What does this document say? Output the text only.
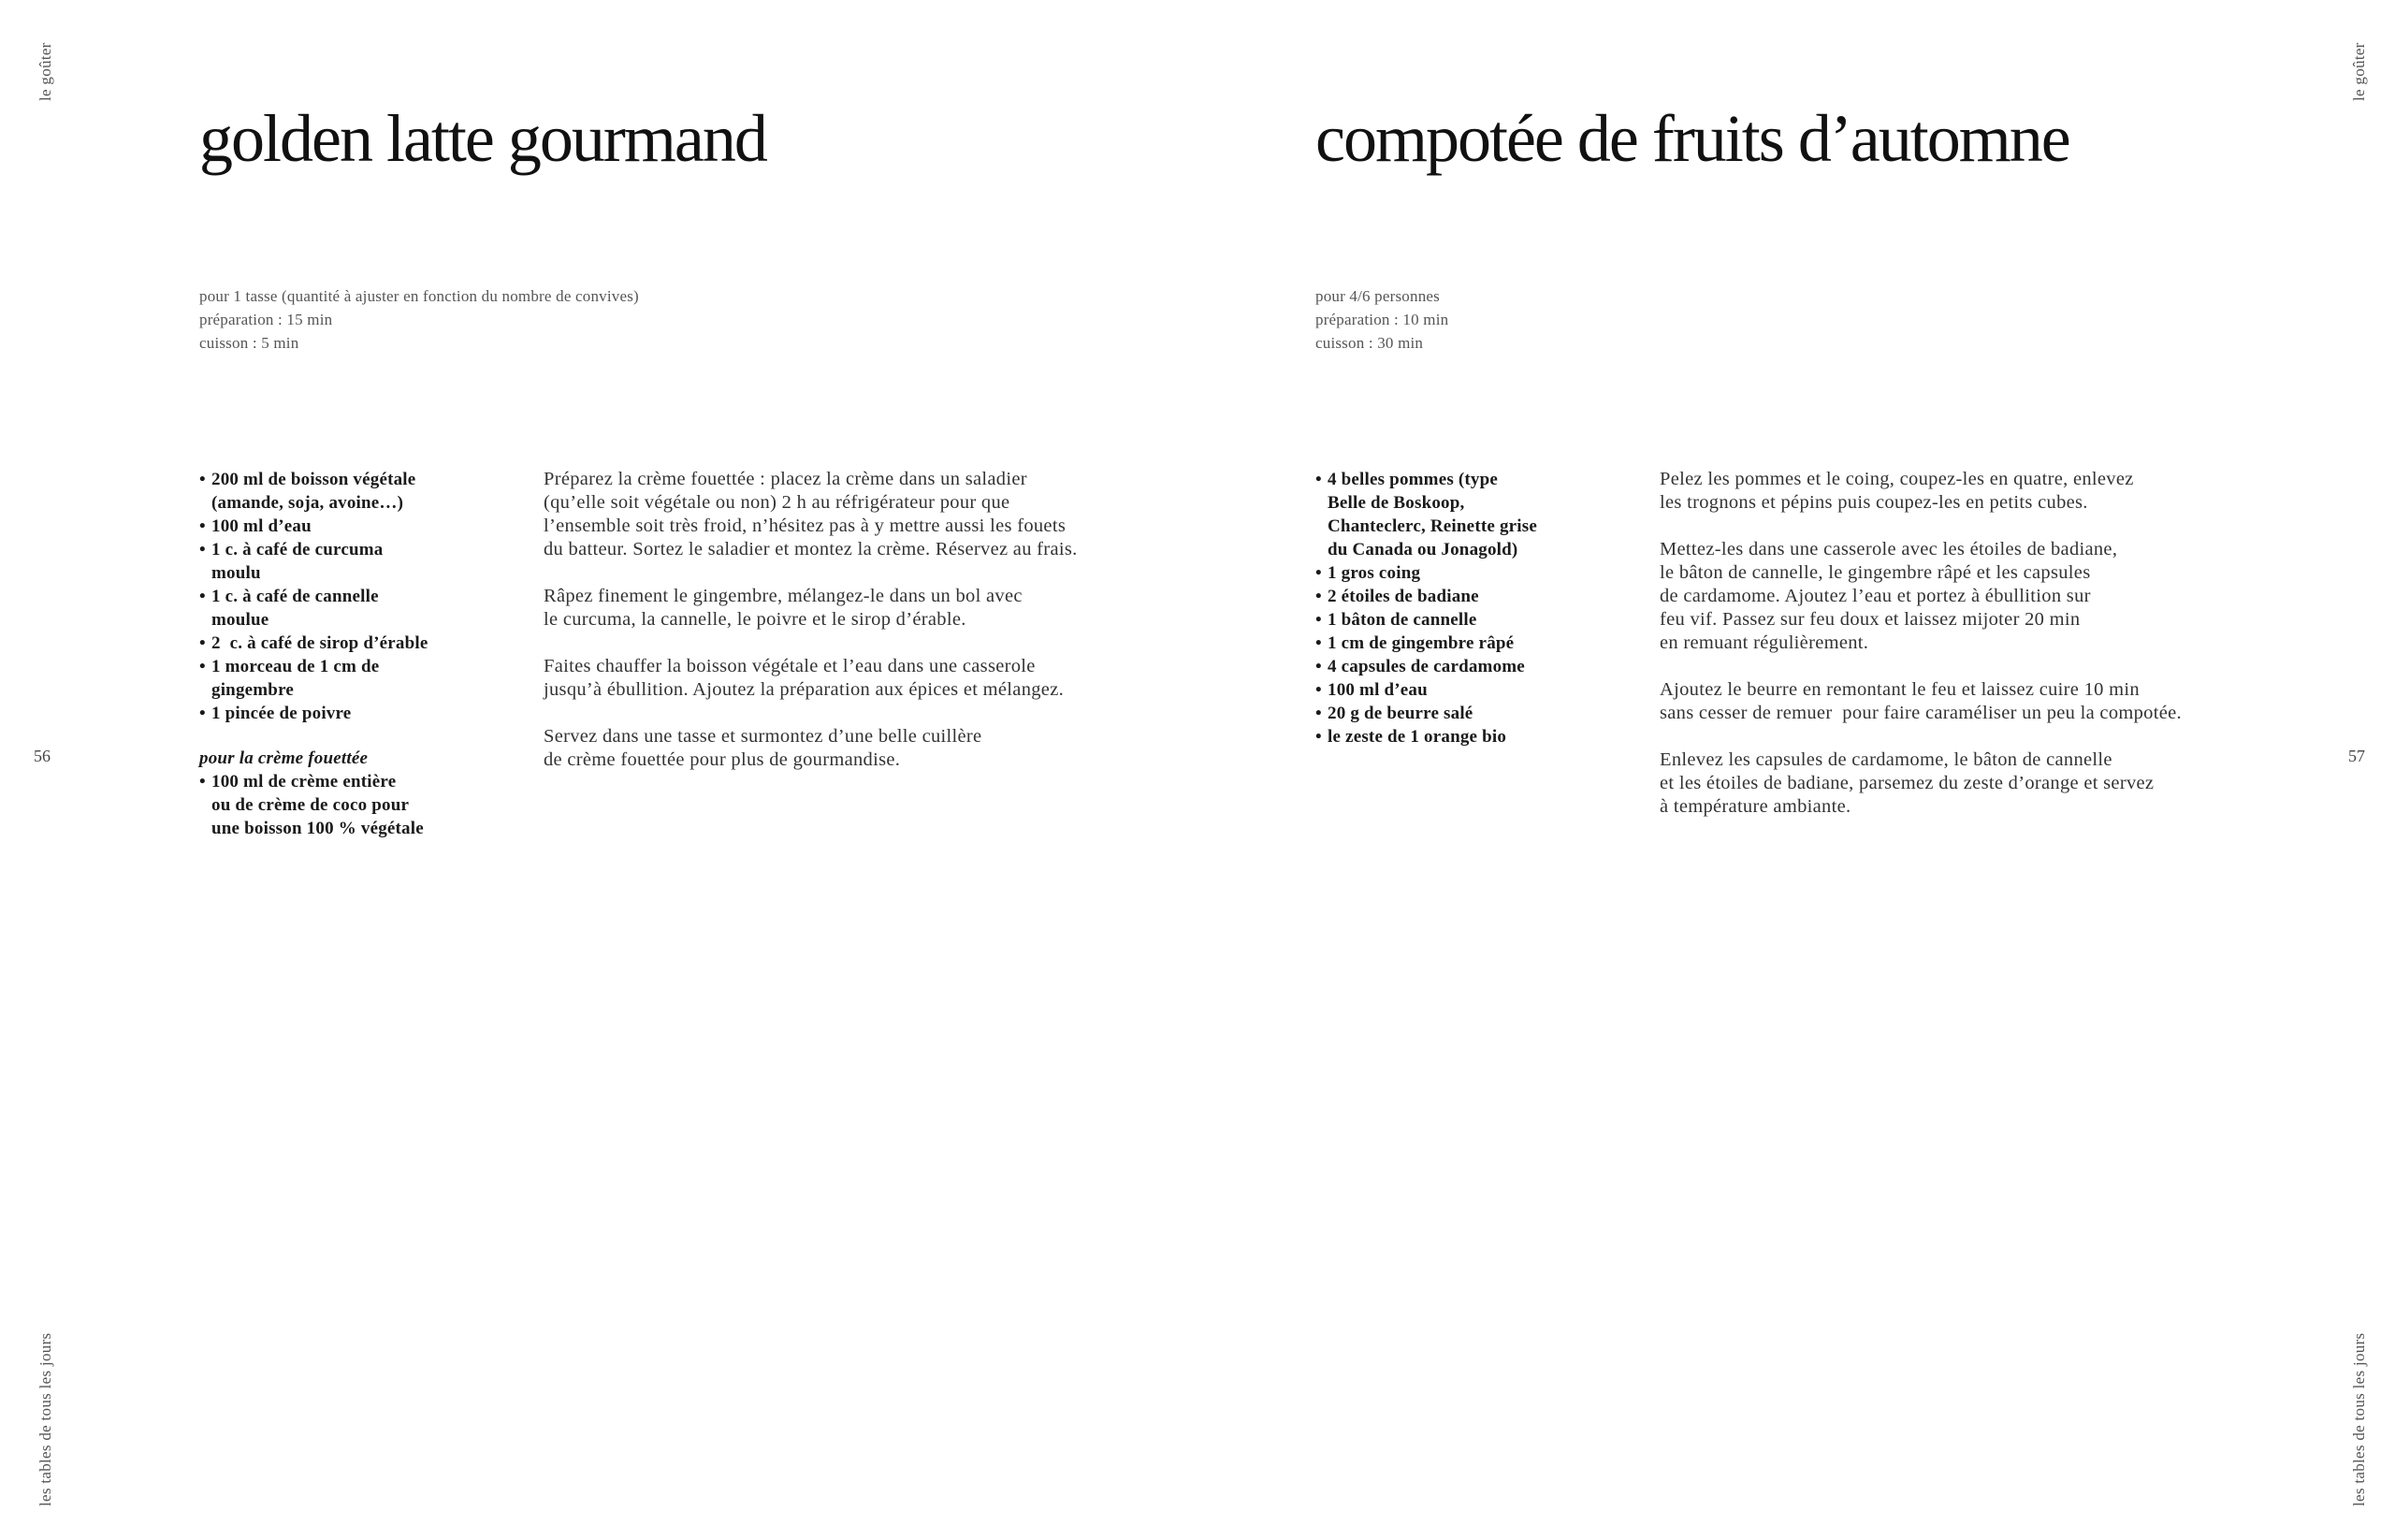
le goûter
les tables de tous les jours
56
le goûter
les tables de tous les jours
57
golden latte gourmand
pour 1 tasse (quantité à ajuster en fonction du nombre de convives)
préparation : 15 min
cuisson : 5 min
• 200 ml de boisson végétale
(amande, soja, avoine…)
• 100 ml d’eau
• 1 c. à café de curcuma
moulu
• 1 c. à café de cannelle
moulue
• 2  c. à café de sirop d’érable
• 1 morceau de 1 cm de
gingembre
• 1 pincée de poivre
pour la crème fouettée
• 100 ml de crème entière
ou de crème de coco pour
une boisson 100 % végétale

Préparez la crème fouettée : placez la crème dans un saladier
(qu’elle soit végétale ou non) 2 h au réfrigérateur pour que
l’ensemble soit très froid, n’hésitez pas à y mettre aussi les fouets
du batteur. Sortez le saladier et montez la crème. Réservez au frais.

Râpez finement le gingembre, mélangez-le dans un bol avec
le curcuma, la cannelle, le poivre et le sirop d’érable.

Faites chauffer la boisson végétale et l’eau dans une casserole
jusqu’à ébullition. Ajoutez la préparation aux épices et mélangez.

Servez dans une tasse et surmontez d’une belle cuillère
de crème fouettée pour plus de gourmandise.

compotée de fruits d’automne
pour 4/6 personnes
préparation : 10 min
cuisson : 30 min
• 4 belles pommes (type
Belle de Boskoop,
Chanteclerc, Reinette grise
du Canada ou Jonagold)
• 1 gros coing
• 2 étoiles de badiane
• 1 bâton de cannelle
• 1 cm de gingembre râpé
• 4 capsules de cardamome
• 100 ml d’eau
• 20 g de beurre salé
• le zeste de 1 orange bio

Pelez les pommes et le coing, coupez-les en quatre, enlevez
les trognons et pépins puis coupez-les en petits cubes.

Mettez-les dans une casserole avec les étoiles de badiane,
le bâton de cannelle, le gingembre râpé et les capsules
de cardamome. Ajoutez l’eau et portez à ébullition sur
feu vif. Passez sur feu doux et laissez mijoter 20 min
en remuant régulièrement.

Ajoutez le beurre en remontant le feu et laissez cuire 10 min
sans cesser de remuer  pour faire caraméliser un peu la compotée.

Enlevez les capsules de cardamome, le bâton de cannelle
et les étoiles de badiane, parsemez du zeste d’orange et servez
à température ambiante.
